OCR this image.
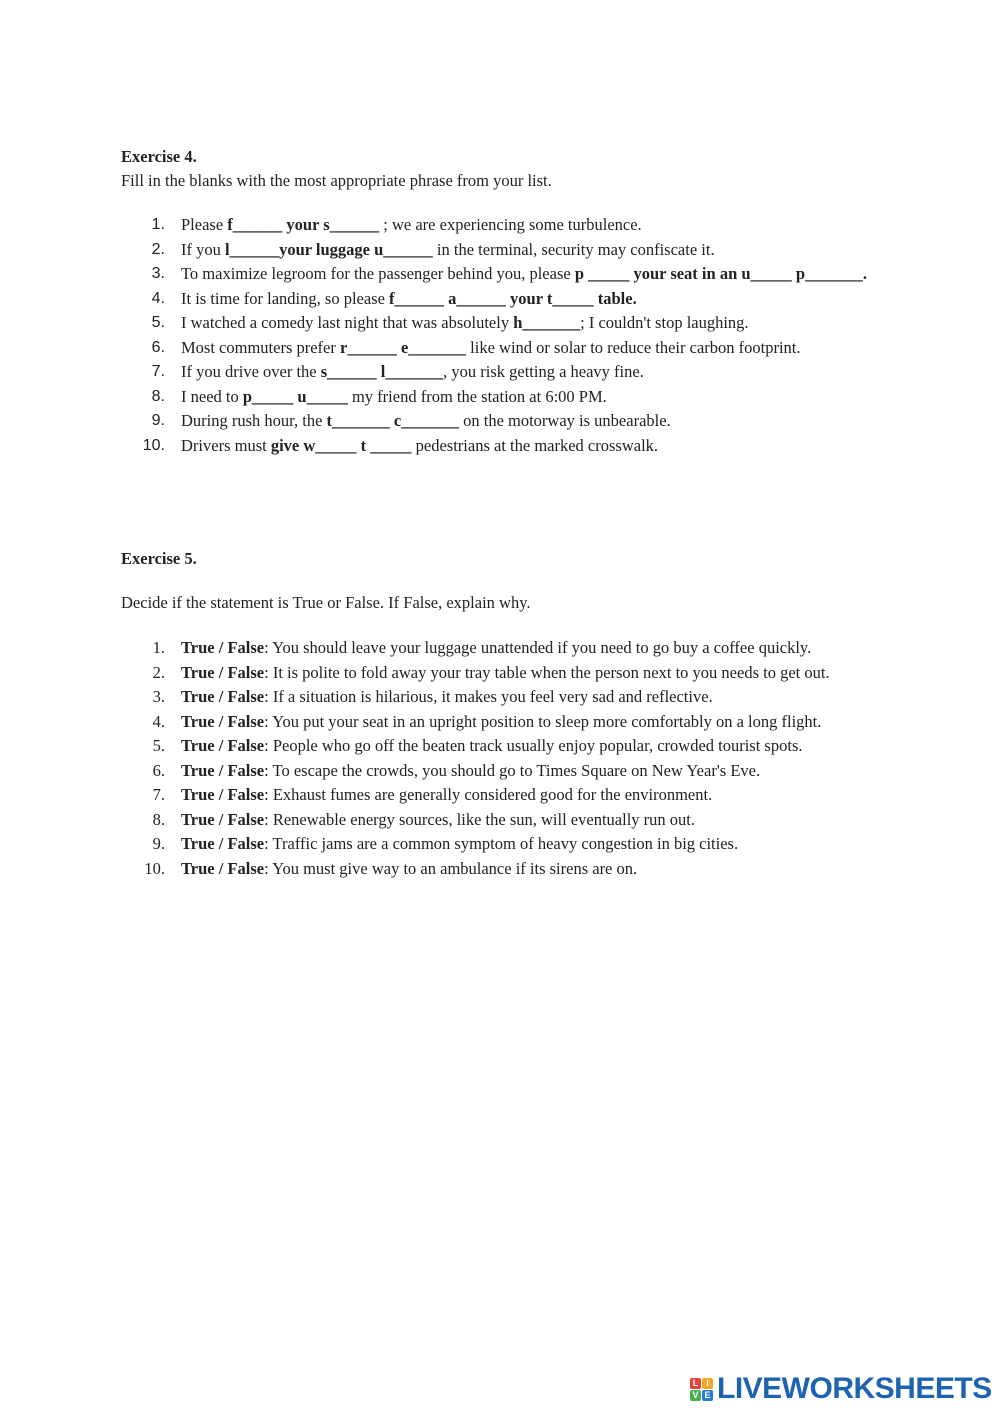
Exercise 4.

Fill in the blanks with the most appropriate phrase from your list.

1. Please f______ your s______ ; we are experiencing some turbulence.
2. If you l______your luggage u______ in the terminal, security may confiscate it.
3. To maximize legroom for the passenger behind you, please p _____ your seat in an u_____ p_______.
4. It is time for landing, so please f______ a______ your t_____ table.
5. I watched a comedy last night that was absolutely h_______; I couldn't stop laughing.
6. Most commuters prefer r______ e_______ like wind or solar to reduce their carbon footprint.
7. If you drive over the s______ l_______, you risk getting a heavy fine.
8. I need to p_____ u_____ my friend from the station at 6:00 PM.
9. During rush hour, the t_______ c_______ on the motorway is unbearable.
10. Drivers must give w_____ t _____ pedestrians at the marked crosswalk.
Exercise 5.

Decide if the statement is True or False. If False, explain why.

1. True / False: You should leave your luggage unattended if you need to go buy a coffee quickly.
2. True / False: It is polite to fold away your tray table when the person next to you needs to get out.
3. True / False: If a situation is hilarious, it makes you feel very sad and reflective.
4. True / False: You put your seat in an upright position to sleep more comfortably on a long flight.
5. True / False: People who go off the beaten track usually enjoy popular, crowded tourist spots.
6. True / False: To escape the crowds, you should go to Times Square on New Year's Eve.
7. True / False: Exhaust fumes are generally considered good for the environment.
8. True / False: Renewable energy sources, like the sun, will eventually run out.
9. True / False: Traffic jams are a common symptom of heavy congestion in big cities.
10. True / False: You must give way to an ambulance if its sirens are on.
L I
V E LIVEWORKSHEETS
